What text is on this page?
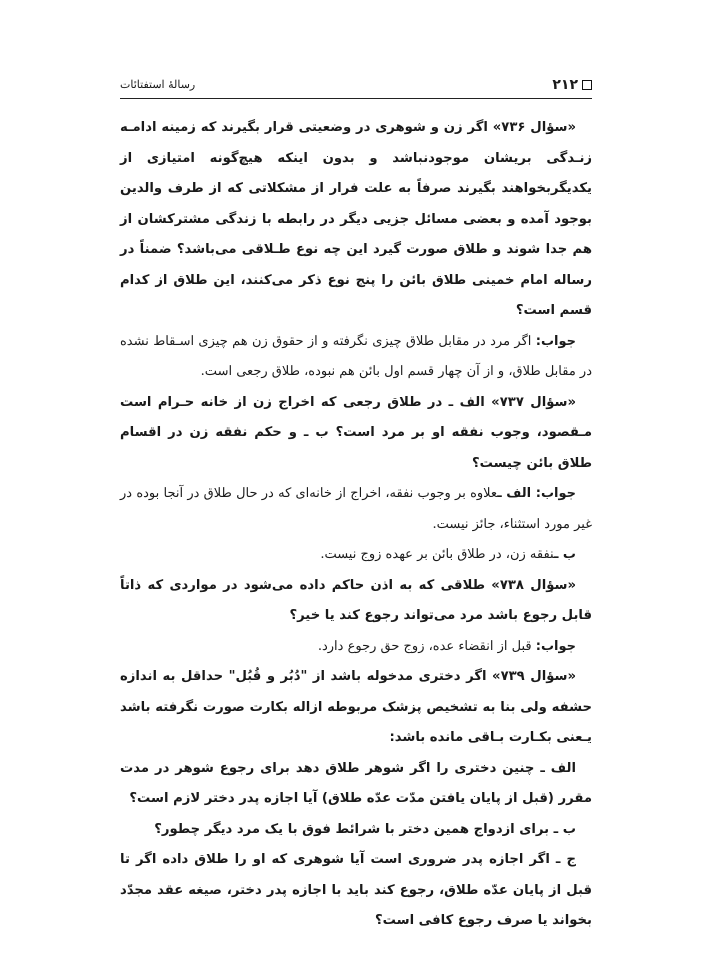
۲۱۲
رسالهٔ استفتائات

«سؤال ۷۳۶» اگر زن و شوهری در وضعیتی قرار بگیرند که زمینه ادامـه زنـدگی بریشان موجودنباشد و بدون اینکه هیچ‌گونه امتیازی از یکدیگربخواهند بگیرند صرفاً به علت فرار از مشکلاتی که از طرف والدین بوجود آمده و بعضی مسائل جزیی دیگر در رابطه با زندگی مشترکشان از هم جدا شوند و طلاق صورت گیرد این چه نوع طـلاقی می‌باشد؟ ضمناً در رساله امام خمینی طلاق بائن را پنج نوع ذکر می‌کنند، این طلاق از کدام قسم است؟

جواب: اگر مرد در مقابل طلاق چیزی نگرفته و از حقوق زن هم چیزی اسـقاط نشده در مقابل طلاق، و از آن چهار قسم اول بائن هم نبوده، طلاق رجعی است.

«سؤال ۷۳۷» الف ـ در طلاق رجعی که اخراج زن از خانه حـرام است مـقصود، وجوب نفقه او بر مرد است؟ ب ـ و حکم نفقه زن در اقسام طلاق بائن چیست؟

جواب: الف ـعلاوه بر وجوب نفقه، اخراج از خانه‌ای که در حال طلاق در آنجا بوده در غیر مورد استثناء، جائز نیست.

ب ـنفقه زن، در طلاق بائن بر عهده زوج نیست.

«سؤال ۷۳۸» طلاقی که به اذن حاکم داده می‌شود در مواردی که ذاتاً قابل رجوع باشد مرد می‌تواند رجوع کند یا خیر؟

جواب: قبل از انقضاء عده، زوج حق رجوع دارد.

«سؤال ۷۳۹» اگر دختری مدخوله باشد از "دُبُر و قُبُل" حداقل به اندازه حشفه ولی بنا به تشخیص پزشک مربوطه ازاله بکارت صورت نگرفته باشد یـعنی بکـارت بـاقی مانده باشد:

الف ـ چنین دختری را اگر شوهر طلاق دهد برای رجوع شوهر در مدت مقرر (قبل از پایان یافتن مدّت عدّه طلاق) آیا اجازه پدر دختر لازم است؟

ب ـ برای ازدواج همین دختر با شرائط فوق با یک مرد دیگر چطور؟

ج ـ اگر اجازه پدر ضروری است آیا شوهری که او را طلاق داده اگر تا قبل از پایان عدّه طلاق، رجوع کند باید با اجازه پدر دختر، صیغه عقد مجدّد بخواند یا صرف رجوع کافی است؟
